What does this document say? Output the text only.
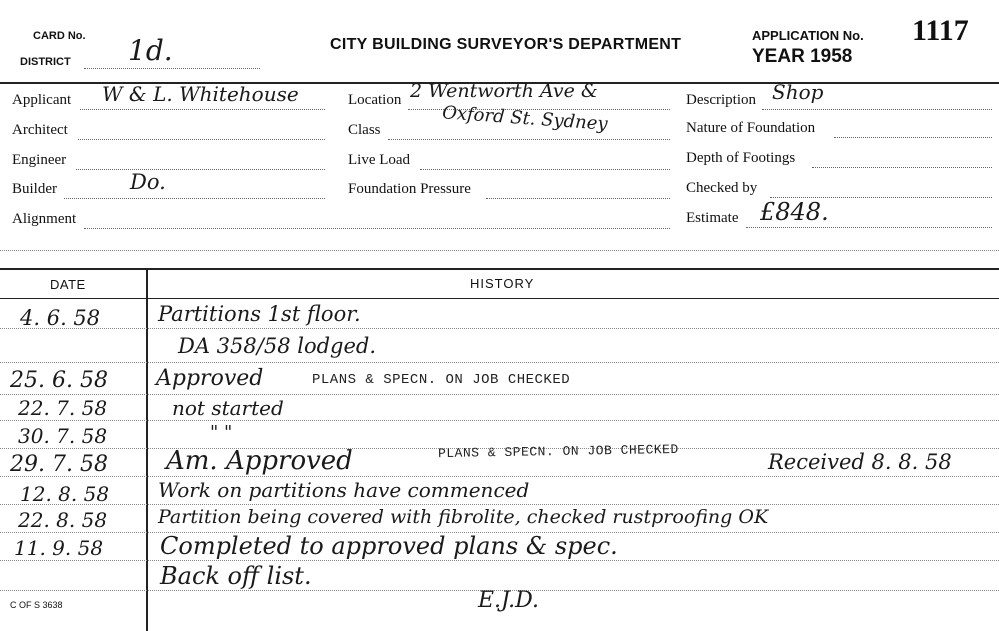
CARD No.
DISTRICT 1d.	CITY BUILDING SURVEYOR'S DEPARTMENT
APPLICATION No. 1117
YEAR 1958
Applicant W & L. Whitehouse
Architect
Engineer
Builder	Do.
Alignment
Location 2 Wentworth Ave &
Class	Oxford St. Sydney
Live Load
Foundation Pressure
Description Shop
Nature of Foundation
Depth of Footings
Checked by
Estimate £848.
DATE	HISTORY
4. 6. 58	Partitions 1st floor.
DA 358/58 lodged.
25. 6. 58 Approved	PLANS & SPECN. ON JOB CHECKED
22. 7. 58	not started
30. 7. 58	" "
29. 7. 58 Am. Approved	PLANS & SPECN. ON JOB CHECKED	Received 8. 8. 58
12. 8. 58 Work on partitions have commenced
22. 8. 58	Partition being covered with fibrolite, checked rustproofing OK
11. 9. 58 Completed to approved plans & spec.
Back off list.
E.J.D.
C OF S 3638
